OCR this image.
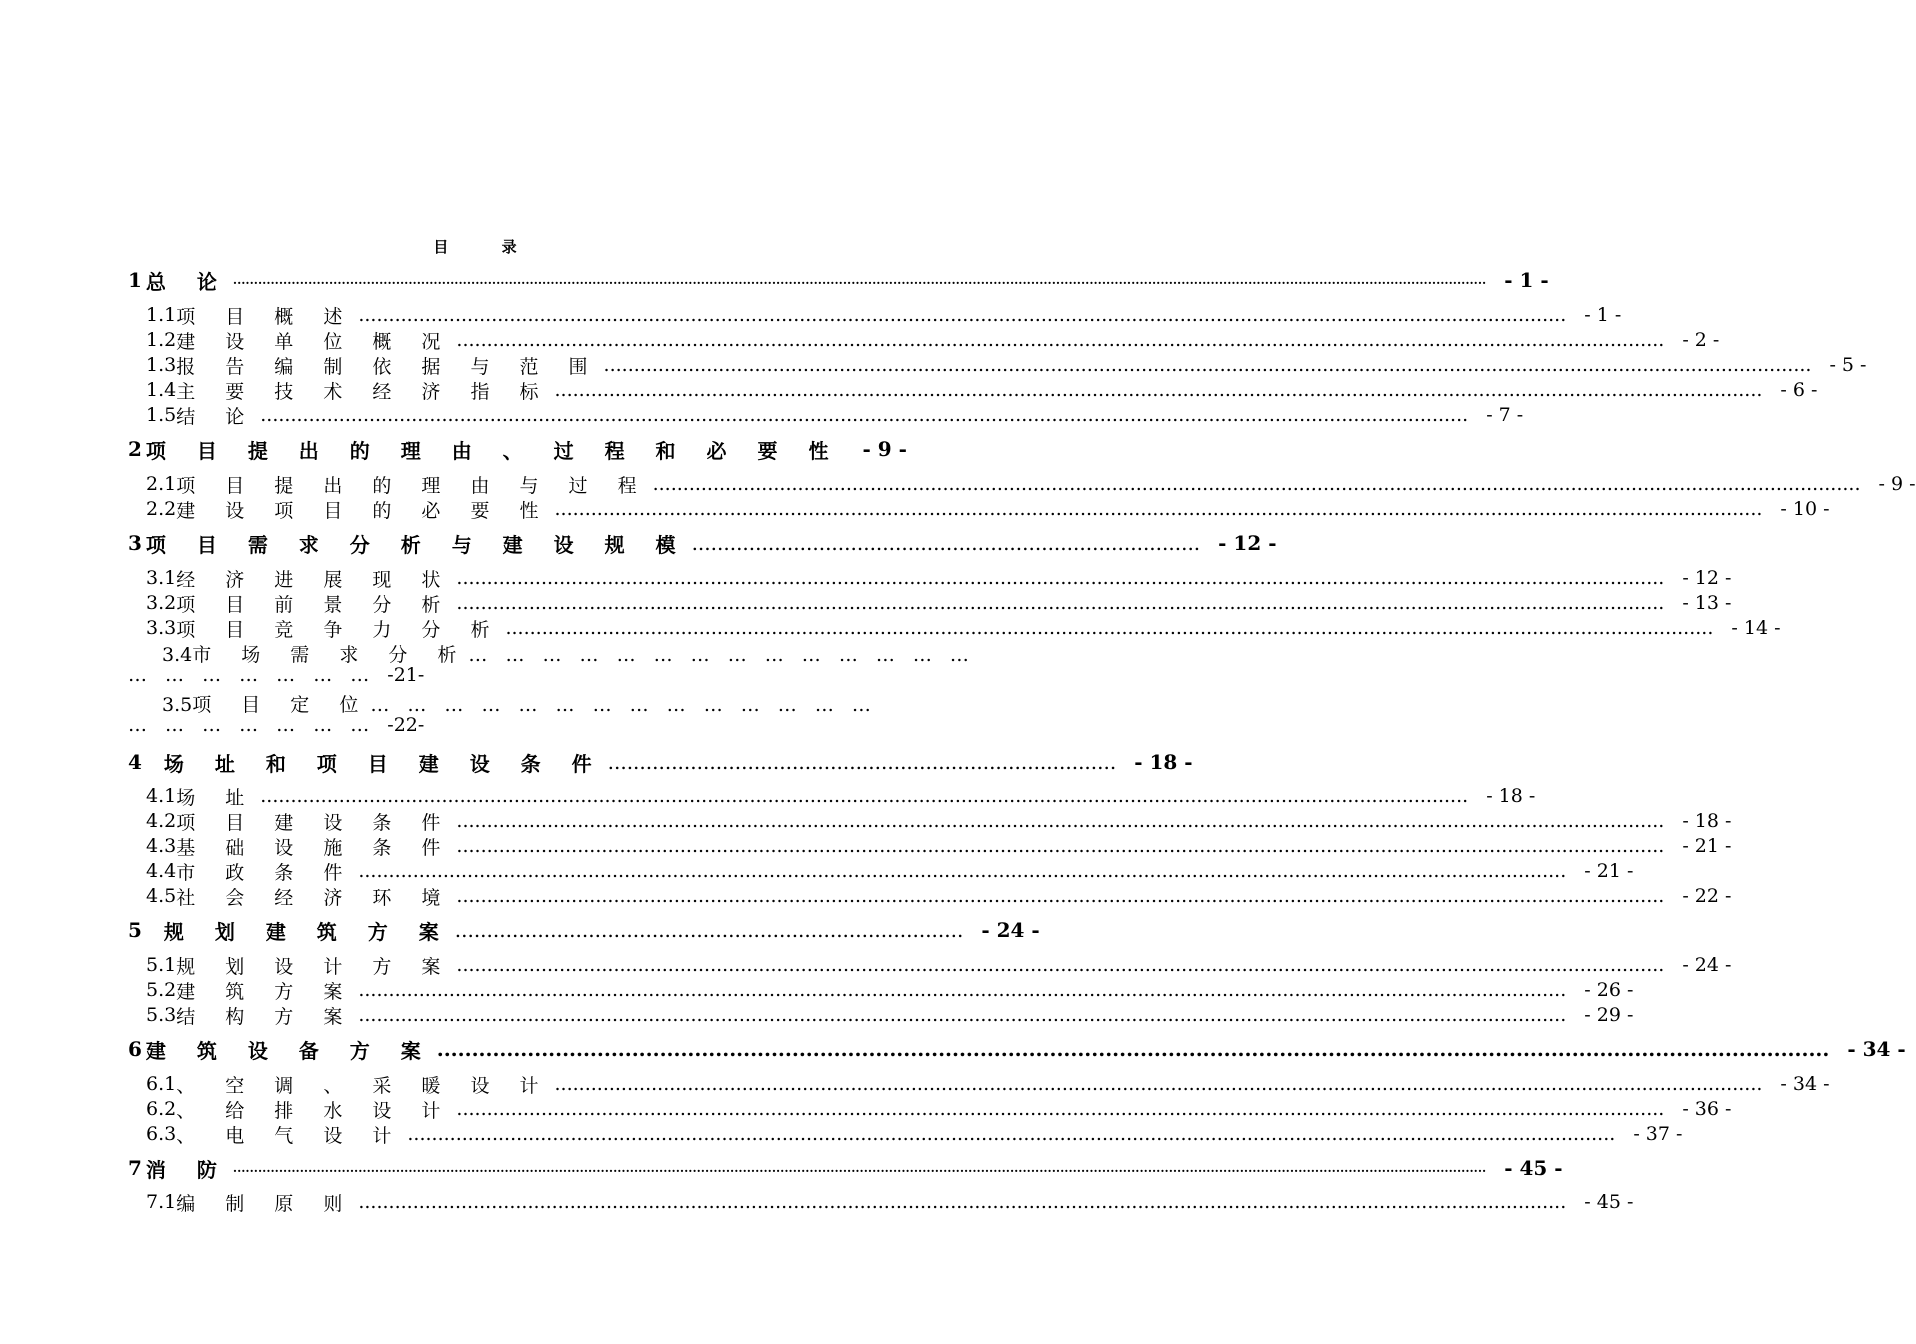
目 录
1 总 论 ............................................................................................................................................................................................................................................................................................................ - 1 -
1.1 项 目 概 述 ........................................................................................................................................................................................................ - 1 -
1.2 建 设 单 位 概 况 ........................................................................................................................................................................................................ - 2 -
1.3 报 告 编 制 依 据 与 范 围 ........................................................................................................................................................................................................ - 5 -
1.4 主 要 技 术 经 济 指 标 ........................................................................................................................................................................................................ - 6 -
1.5 结 论 ........................................................................................................................................................................................................ - 7 -
2 项 目 提 出 的 理 由 、 过 程 和 必 要 性 - 9 -
2.1 项 目 提 出 的 理 由 与 过 程 ........................................................................................................................................................................................................ - 9 -
2.2 建 设 项 目 的 必 要 性 ........................................................................................................................................................................................................ - 10 -
3 项 目 需 求 分 析 与 建 设 规 模 ................................................................................ - 12 -
3.1 经 济 进 展 现 状 ........................................................................................................................................................................................................ - 12 -
3.2 项 目 前 景 分 析 ........................................................................................................................................................................................................ - 13 -
3.3 项 目 竞 争 力 分 析 ........................................................................................................................................................................................................ - 14 -
4 场 址 和 项 目 建 设 条 件 ................................................................................ - 18 -
4.1 场 址 ........................................................................................................................................................................................................ - 18 -
4.2 项 目 建 设 条 件 ........................................................................................................................................................................................................ - 18 -
4.3 基 础 设 施 条 件 ........................................................................................................................................................................................................ - 21 -
4.4 市 政 条 件 ........................................................................................................................................................................................................ - 21 -
4.5 社 会 经 济 环 境 ........................................................................................................................................................................................................ - 22 -
5 规 划 建 筑 方 案 ................................................................................ - 24 -
5.1 规 划 设 计 方 案 ........................................................................................................................................................................................................ - 24 -
5.2 建 筑 方 案 ........................................................................................................................................................................................................ - 26 -
5.3 结 构 方 案 ........................................................................................................................................................................................................ - 29 -
6 建 筑 设 备 方 案 ........................................................................................................................................................................................................ - 34 -
6.1 、 空 调 、 采 暖 设 计 ........................................................................................................................................................................................................ - 34 -
6.2 、 给 排 水 设 计 ........................................................................................................................................................................................................ - 36 -
6.3 、 电 气 设 计 ........................................................................................................................................................................................................ - 37 -
7 消 防 ............................................................................................................................................................................................................................................................................................................ - 45 -
7.1 编 制 原 则 ........................................................................................................................................................................................................ - 45 -
3.4市 场 需 求 分 析… … … … … … … … … … … … … …
… … … … … … … -21-
3.5项 目 定 位… … … … … … … … … … … … … …
… … … … … … … -22-
